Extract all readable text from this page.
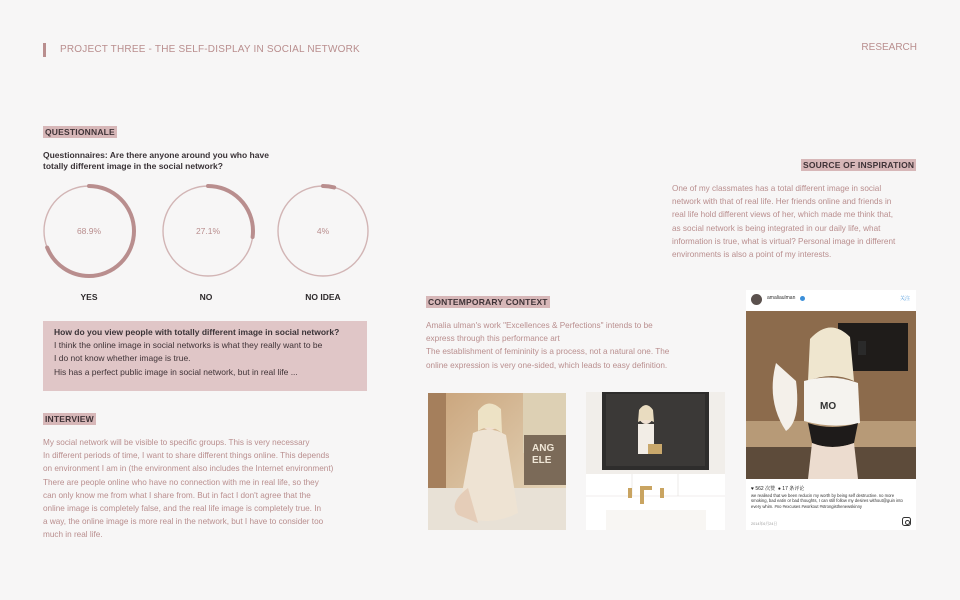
PROJECT THREE - THE SELF-DISPLAY IN SOCIAL NETWORK	RESEARCH
QUESTIONNALE
Questionnaires: Are there anyone around you who have
totally different image in the social network?
68.9%	27.1%	4%
YES	NO	NO IDEA
How do you view people with totally different image in social network?
I think the online image in social networks is what they really want to be
I do not know whether image is true.
His has a perfect public image in social network, but in real life ...
INTERVIEW
My social network will be visible to specific groups. This is very necessary
In different periods of time, I want to share different things online. This depends
on environment I am in (the environment also includes the Internet environment)
There are people online who have no connection with me in real life, so they
can only know me from what I share from. But in fact I don't agree that the
online image is completely false, and the real life image is completely true. In
a way, the online image is more real in the network, but I have to consider too
much in real life.
SOURCE OF INSPIRATION
One of my classmates has a total different image in social
network with that of real life. Her friends online and friends in
real life hold different views of her, which made me think that,
as social network is being integrated in our daily life, what
information is true, what is virtual? Personal image in different
environments is also a point of my interests.
CONTEMPORARY CONTEXT
Amalia ulman's work "Excellences & Perfections" intends to be
express through this performance art
The establishment of femininity is a process, not a natural one. The
online expression is very one-sided, which leads to easy definition.
ANG
ELE
amaliaulman	关注
MO
♥ 562 次赞 ● 17 条评论
we realised that we been reducin my worth by being self destructive. no more smoking, bad eatin or bad thoughts, I can still follow my desires without@guin into every whim. #no #excuses #workout #strongisthenewskinny
2014年6月24日
